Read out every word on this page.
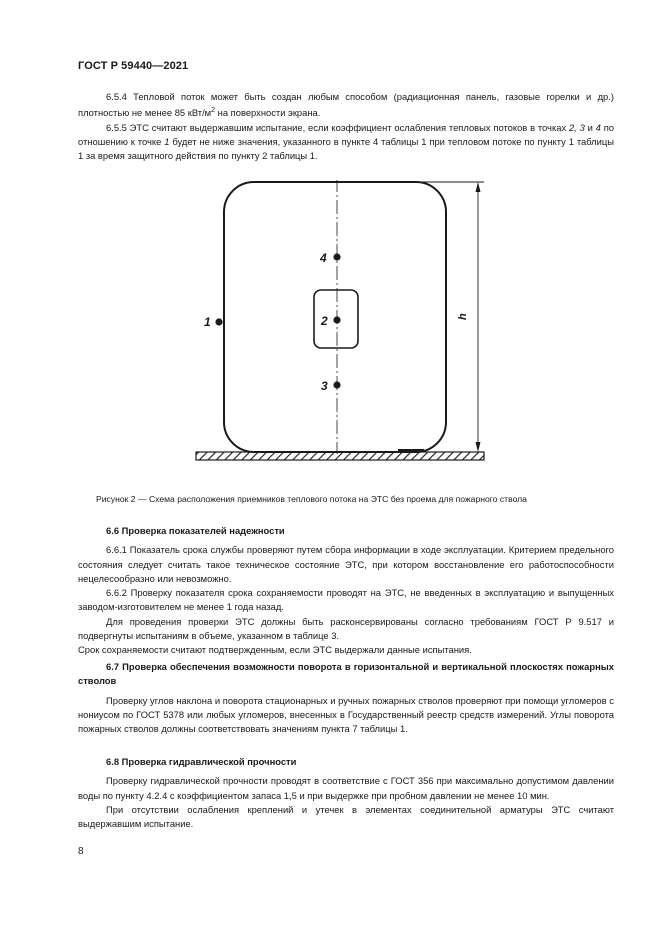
ГОСТ Р 59440—2021

6.5.4 Тепловой поток может быть создан любым способом (радиационная панель, газовые горелки и др.) плотностью не менее 85 кВт/$м^2$ на поверхности экрана.

6.5.5 ЭТС считают выдержавшим испытание, если коэффициент ослабления тепловых потоков в точках 2, 3 и 4 по отношению к точке 1 будет не ниже значения, указанного в пункте 4 таблицы 1 при тепловом потоке по пункту 1 таблицы 1 за время защитного действия по пункту 2 таблицы 1.

4
2
3
1	h
Рисунок 2 — Схема расположения приемников теплового потока на ЭТС без проема для пожарного ствола

6.6 Проверка показателей надежности

6.6.1 Показатель срока службы проверяют путем сбора информации в ходе эксплуатации. Критерием предельного состояния следует считать такое техническое состояние ЭТС, при котором восстановление его работоспособности нецелесообразно или невозможно.

6.6.2 Проверку показателя срока сохраняемости проводят на ЭТС, не введенных в эксплуатацию и выпущенных заводом-изготовителем не менее 1 года назад.

Для проведения проверки ЭТС должны быть расконсервированы согласно требованиям ГОСТ Р 9.517 и подвергнуты испытаниям в объеме, указанном в таблице 3.

Срок сохраняемости считают подтвержденным, если ЭТС выдержали данные испытания.

6.7 Проверка обеспечения возможности поворота в горизонтальной и вертикальной плоскостях пожарных стволов

Проверку углов наклона и поворота стационарных и ручных пожарных стволов проверяют при помощи угломеров с нониусом по ГОСТ 5378 или любых угломеров, внесенных в Государственный реестр средств измерений. Углы поворота пожарных стволов должны соответствовать значениям пункта 7 таблицы 1.

6.8 Проверка гидравлической прочности

Проверку гидравлической прочности проводят в соответствие с ГОСТ 356 при максимально допустимом давлении воды по пункту 4.2.4 с коэффициентом запаса 1,5 и при выдержке при пробном давлении не менее 10 мин.

При отсутствии ослабления креплений и утечек в элементах соединительной арматуры ЭТС считают выдержавшим испытание.

8
